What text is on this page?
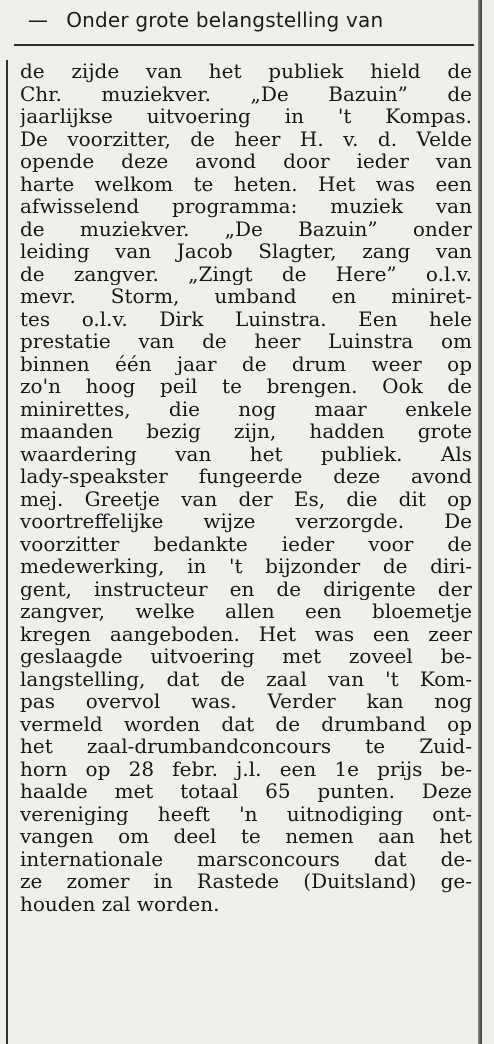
— Onder grote belangstelling van
de zijde van het publiek hield de
Chr. muziekver. „De Bazuin” de
jaarlijkse uitvoering in 't Kompas.
De voorzitter, de heer H. v. d. Velde
opende deze avond door ieder van
harte welkom te heten. Het was een
afwisselend programma: muziek van
de muziekver. „De Bazuin” onder
leiding van Jacob Slagter, zang van
de zangver. „Zingt de Here” o.l.v.
mevr. Storm, umband en miniret-
tes o.l.v. Dirk Luinstra. Een hele
prestatie van de heer Luinstra om
binnen één jaar de drum weer op
zo'n hoog peil te brengen. Ook de
minirettes, die nog maar enkele
maanden bezig zijn, hadden grote
waardering van het publiek. Als
lady-speakster fungeerde deze avond
mej. Greetje van der Es, die dit op
voortreffelijke wijze verzorgde. De
voorzitter bedankte ieder voor de
medewerking, in 't bijzonder de diri-
gent, instructeur en de dirigente der
zangver, welke allen een bloemetje
kregen aangeboden. Het was een zeer
geslaagde uitvoering met zoveel be-
langstelling, dat de zaal van 't Kom-
pas overvol was. Verder kan nog
vermeld worden dat de drumband op
het zaal-drumbandconcours te Zuid-
horn op 28 febr. j.l. een 1e prijs be-
haalde met totaal 65 punten. Deze
vereniging heeft 'n uitnodiging ont-
vangen om deel te nemen aan het
internationale marsconcours dat de-
ze zomer in Rastede (Duitsland) ge-
houden zal worden.
